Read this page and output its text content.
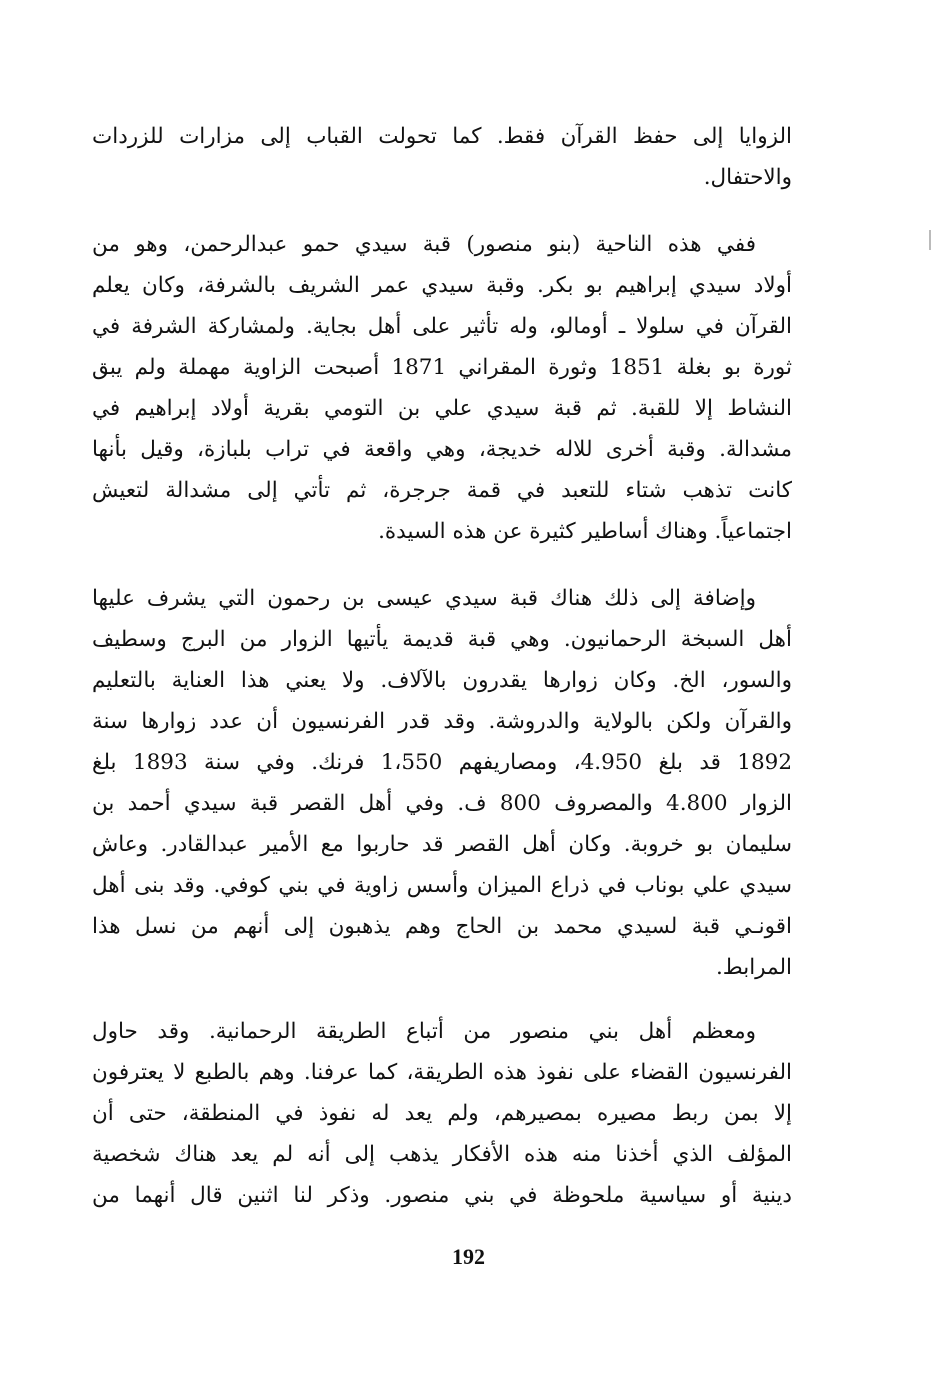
الزوايا إلى حفظ القرآن فقط. كما تحولت القباب إلى مزارات للزردات
والاحتفال.
ففي هذه الناحية (بنو منصور) قبة سيدي حمو عبدالرحمن، وهو من
أولاد سيدي إبراهيم بو بكر. وقبة سيدي عمر الشريف بالشرفة، وكان يعلم
القرآن في سلولا ـ أومالو، وله تأثير على أهل بجاية. ولمشاركة الشرفة في
ثورة بو بغلة 1851 وثورة المقراني 1871 أصبحت الزاوية مهملة ولم يبق
النشاط إلا للقبة. ثم قبة سيدي علي بن التومي بقرية أولاد إبراهيم في
مشدالة. وقبة أخرى للاله خديجة، وهي واقعة في تراب بلبازة، وقيل بأنها
كانت تذهب شتاء للتعبد في قمة جرجرة، ثم تأتي إلى مشدالة لتعيش
اجتماعياً. وهناك أساطير كثيرة عن هذه السيدة.
وإضافة إلى ذلك هناك قبة سيدي عيسى بن رحمون التي يشرف عليها
أهل السبخة الرحمانيون. وهي قبة قديمة يأتيها الزوار من البرج وسطيف
والسور، الخ. وكان زوارها يقدرون بالآلاف. ولا يعني هذا العناية بالتعليم
والقرآن ولكن بالولاية والدروشة. وقد قدر الفرنسيون أن عدد زوارها سنة
1892 قد بلغ 4.950، ومصاريفهم 1،550 فرنك. وفي سنة 1893 بلغ
الزوار 4.800 والمصروف 800 ف. وفي أهل القصر قبة سيدي أحمد بن
سليمان بو خروبة. وكان أهل القصر قد حاربوا مع الأمير عبدالقادر. وعاش
سيدي علي بوناب في ذراع الميزان وأسس زاوية في بني كوفي. وقد بنى أهل
اقونـي قبة لسيدي محمد بن الحاج وهم يذهبون إلى أنهم من نسل هذا
المرابط.
ومعظم أهل بني منصور من أتباع الطريقة الرحمانية. وقد حاول
الفرنسيون القضاء على نفوذ هذه الطريقة، كما عرفنا. وهم بالطبع لا يعترفون
إلا بمن ربط مصيره بمصيرهم، ولم يعد له نفوذ في المنطقة، حتى أن
المؤلف الذي أخذنا منه هذه الأفكار يذهب إلى أنه لم يعد هناك شخصية
دينية أو سياسية ملحوظة في بني منصور. وذكر لنا اثنين قال أنهما من
192
